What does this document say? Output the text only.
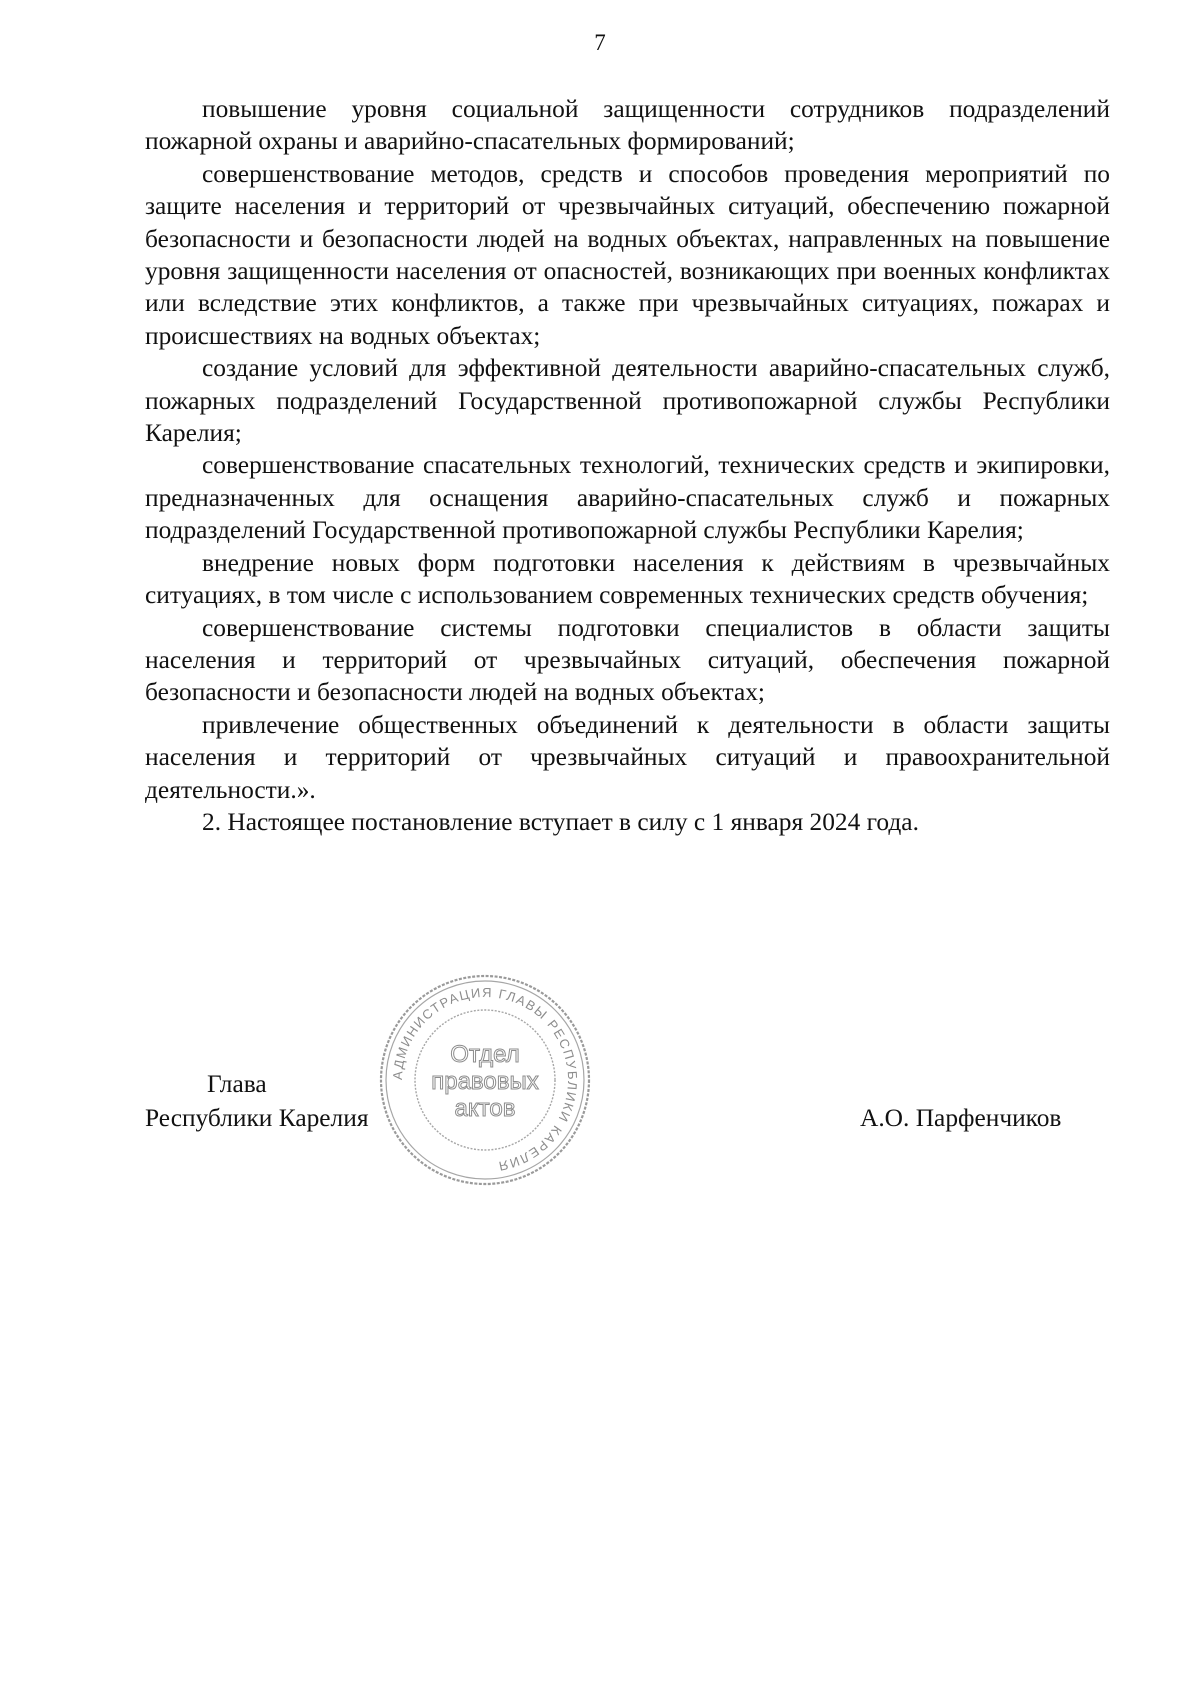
7

повышение уровня социальной защищенности сотрудников подразделений пожарной охраны и аварийно-спасательных формирований;

совершенствование методов, средств и способов проведения мероприятий по защите населения и территорий от чрезвычайных ситуаций, обеспечению пожарной безопасности и безопасности людей на водных объектах, направленных на повышение уровня защищенности населения от опасностей, возникающих при военных конфликтах или вследствие этих конфликтов, а также при чрезвычайных ситуациях, пожарах и происшествиях на водных объектах;

создание условий для эффективной деятельности аварийно-спасательных служб, пожарных подразделений Государственной противопожарной службы Республики Карелия;

совершенствование спасательных технологий, технических средств и экипировки, предназначенных для оснащения аварийно-спасательных служб и пожарных подразделений Государственной противопожарной службы Республики Карелия;

внедрение новых форм подготовки населения к действиям в чрезвычайных ситуациях, в том числе с использованием современных технических средств обучения;

совершенствование системы подготовки специалистов в области защиты населения и территорий от чрезвычайных ситуаций, обеспечения пожарной безопасности и безопасности людей на водных объектах;

привлечение общественных объединений к деятельности в области защиты населения и территорий от чрезвычайных ситуаций и правоохранительной деятельности.».

2. Настоящее постановление вступает в силу с 1 января 2024 года.

Глава
Республики Карелия	А.О. Парфенчиков
АДМИНИСТРАЦИЯ ГЛАВЫ РЕСПУБЛИКИ КАРЕЛИЯ
Отдел
правовых
актов
